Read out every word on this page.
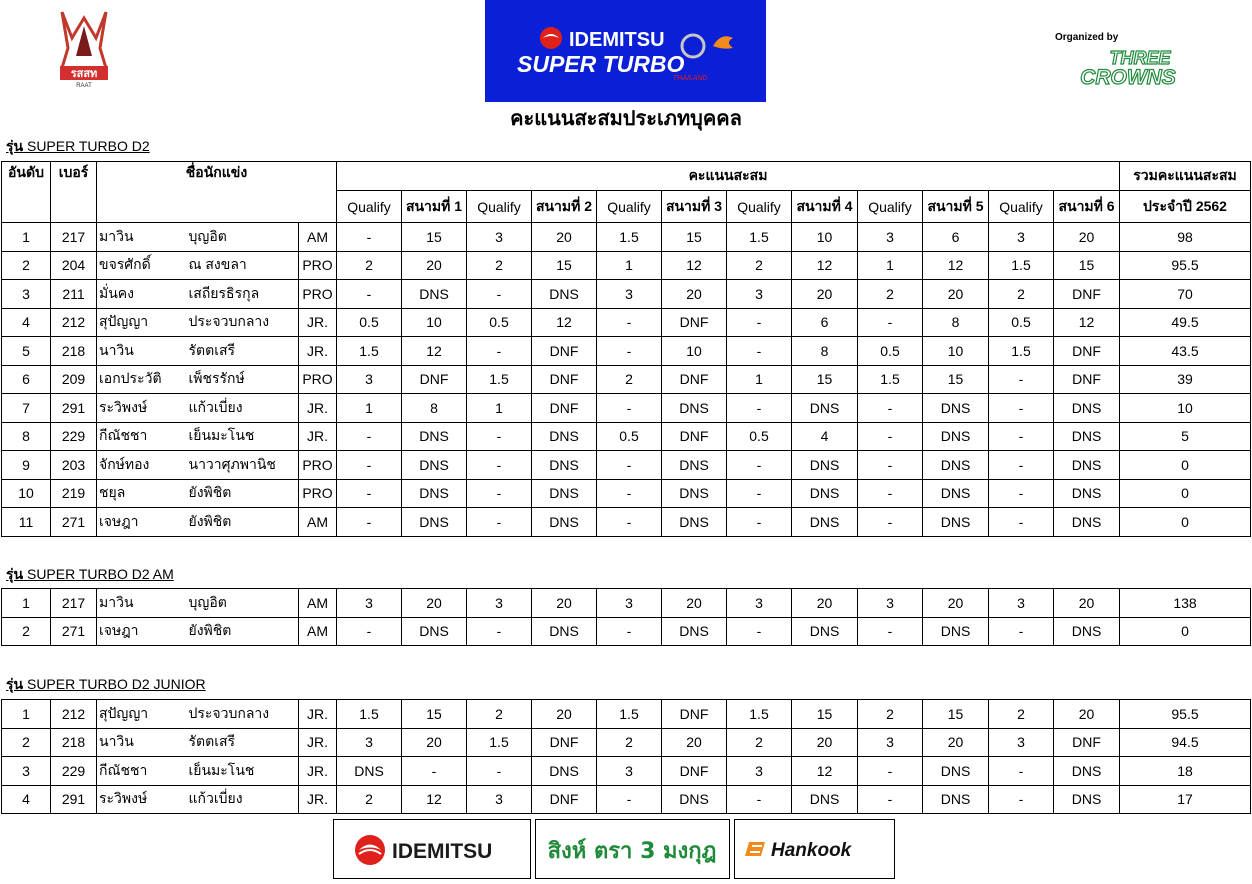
รสสท
RAAT
IDEMITSU
SUPER TURBO
THAILAND
Organized by
THREE
CROWNS
คะแนนสะสมประเภทบุคคล
รุ่น SUPER TURBO D2
อันดับ	เบอร์	ชื่อนักแข่ง			คะแนนสะสม												รวมคะแนนสะสม
					Qualify	สนามที่ 1	Qualify	สนามที่ 2	Qualify	สนามที่ 3	Qualify	สนามที่ 4	Qualify	สนามที่ 5	Qualify	สนามที่ 6	ประจำปี 2562
1	217	มาวิน	บุญอิต	AM	-	15	3	20	1.5	15	1.5	10	3	6	3	20	98
2	204	ขจรศักดิ์	ณ สงขลา	PRO	2	20	2	15	1	12	2	12	1	12	1.5	15	95.5
3	211	มั่นคง	เสถียรธิรกุล	PRO	-	DNS	-	DNS	3	20	3	20	2	20	2	DNF	70
4	212	สุปัญญา	ประจวบกลาง	JR.	0.5	10	0.5	12	-	DNF	-	6	-	8	0.5	12	49.5
5	218	นาวิน	รัตตเสรี	JR.	1.5	12	-	DNF	-	10	-	8	0.5	10	1.5	DNF	43.5
6	209	เอกประวัติ	เพ็ชรรักษ์	PRO	3	DNF	1.5	DNF	2	DNF	1	15	1.5	15	-	DNF	39
7	291	ระวิพงษ์	แก้วเบี่ยง	JR.	1	8	1	DNF	-	DNS	-	DNS	-	DNS	-	DNS	10
8	229	กีณัชชา	เย็นมะโนช	JR.	-	DNS	-	DNS	0.5	DNF	0.5	4	-	DNS	-	DNS	5
9	203	จักษ์ทอง	นาวาศุภพานิช	PRO	-	DNS	-	DNS	-	DNS	-	DNS	-	DNS	-	DNS	0
10	219	ชยุล	ยังพิชิต	PRO	-	DNS	-	DNS	-	DNS	-	DNS	-	DNS	-	DNS	0
11	271	เจษฎา	ยังพิชิต	AM	-	DNS	-	DNS	-	DNS	-	DNS	-	DNS	-	DNS	0
รุ่น SUPER TURBO D2 AM
1	217	มาวิน	บุญอิต	AM	3	20	3	20	3	20	3	20	3	20	3	20	138
2	271	เจษฎา	ยังพิชิต	AM	-	DNS	-	DNS	-	DNS	-	DNS	-	DNS	-	DNS	0
รุ่น SUPER TURBO D2 JUNIOR
1	212	สุปัญญา	ประจวบกลาง	JR.	1.5	15	2	20	1.5	DNF	1.5	15	2	15	2	20	95.5
2	218	นาวิน	รัตตเสรี	JR.	3	20	1.5	DNF	2	20	2	20	3	20	3	DNF	94.5
3	229	กีณัชชา	เย็นมะโนช	JR.	DNS	-	-	DNS	3	DNF	3	12	-	DNS	-	DNS	18
4	291	ระวิพงษ์	แก้วเบี่ยง	JR.	2	12	3	DNF	-	DNS	-	DNS	-	DNS	-	DNS	17
IDEMITSU	สิงห์ ตรา 3 มงกุฎ	Hankook
